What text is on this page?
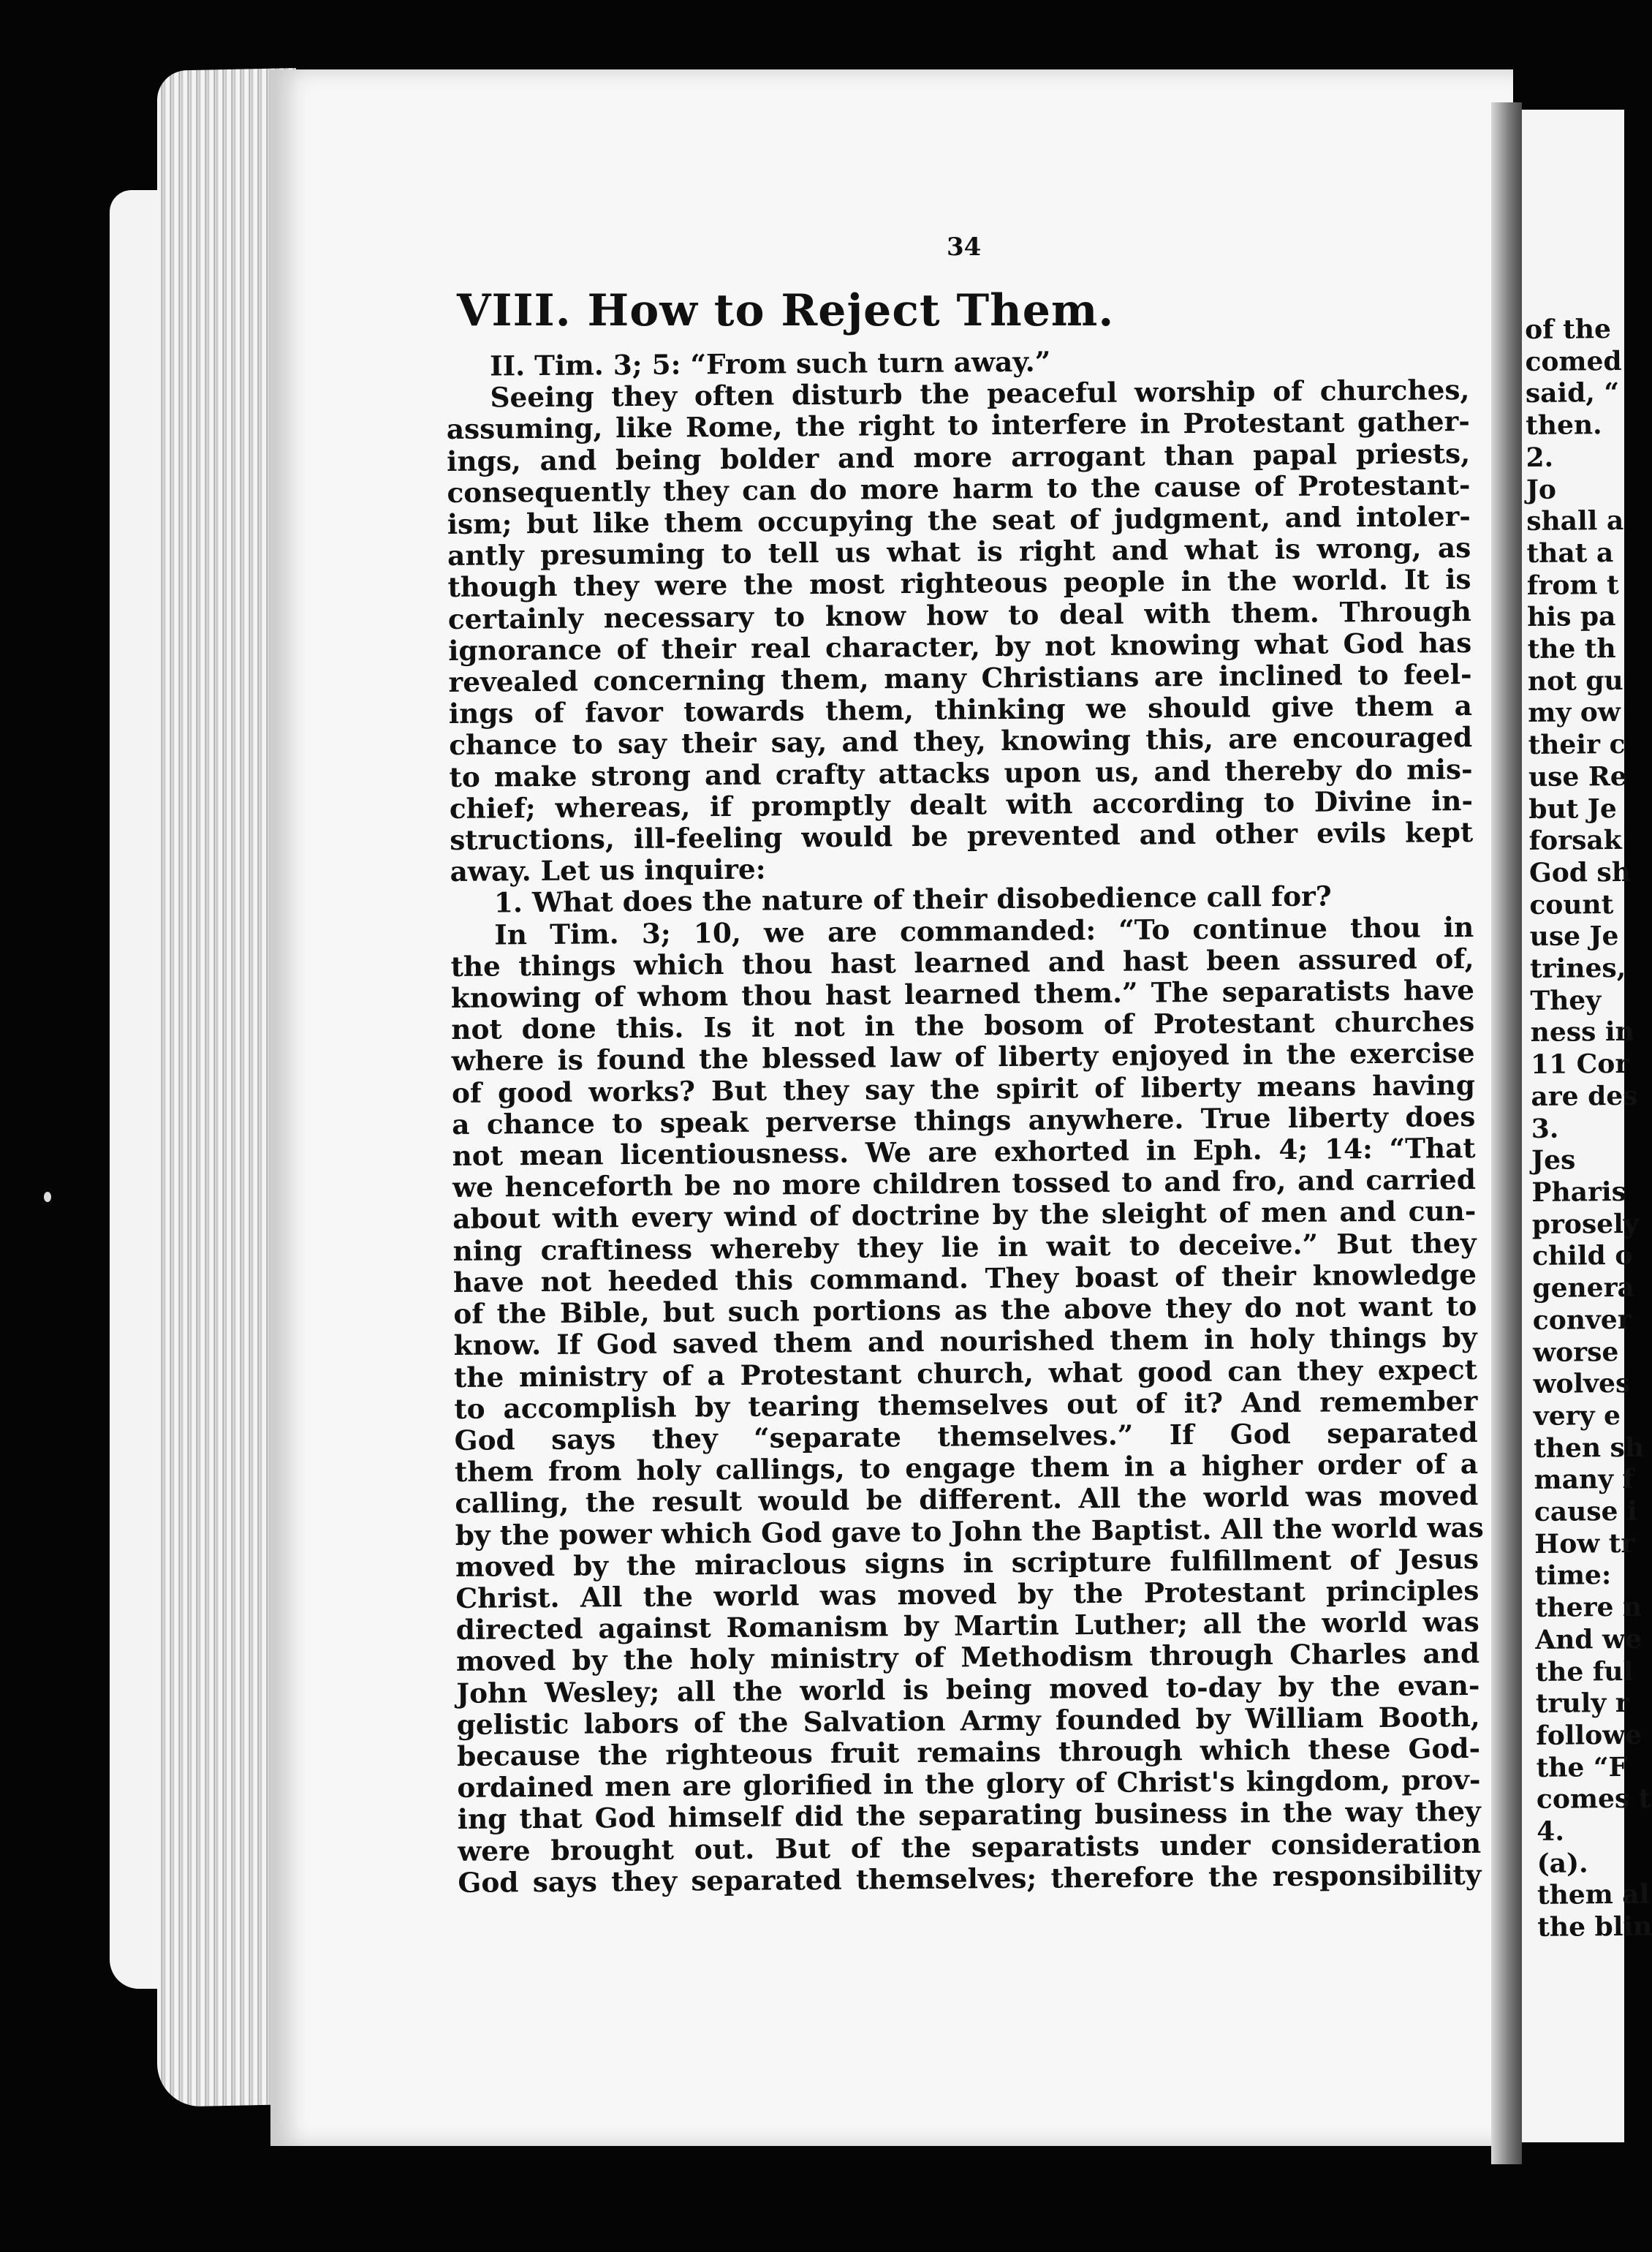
34

VIII. How to Reject Them.
II. Tim. 3; 5: “From such turn away.”
Seeing they often disturb the peaceful worship of churches,
assuming, like Rome, the right to interfere in Protestant gather-
ings, and being bolder and more arrogant than papal priests,
consequently they can do more harm to the cause of Protestant-
ism; but like them occupying the seat of judgment, and intoler-
antly presuming to tell us what is right and what is wrong, as
though they were the most righteous people in the world. It is
certainly necessary to know how to deal with them. Through
ignorance of their real character, by not knowing what God has
revealed concerning them, many Christians are inclined to feel-
ings of favor towards them, thinking we should give them a
chance to say their say, and they, knowing this, are encouraged
to make strong and crafty attacks upon us, and thereby do mis-
chief; whereas, if promptly dealt with according to Divine in-
structions, ill-feeling would be prevented and other evils kept
away. Let us inquire:
1. What does the nature of their disobedience call for?
In Tim. 3; 10, we are commanded: “To continue thou in
the things which thou hast learned and hast been assured of,
knowing of whom thou hast learned them.” The separatists have
not done this. Is it not in the bosom of Protestant churches
where is found the blessed law of liberty enjoyed in the exercise
of good works? But they say the spirit of liberty means having
a chance to speak perverse things anywhere. True liberty does
not mean licentiousness. We are exhorted in Eph. 4; 14: “That
we henceforth be no more children tossed to and fro, and carried
about with every wind of doctrine by the sleight of men and cun-
ning craftiness whereby they lie in wait to deceive.” But they
have not heeded this command. They boast of their knowledge
of the Bible, but such portions as the above they do not want to
know. If God saved them and nourished them in holy things by
the ministry of a Protestant church, what good can they expect
to accomplish by tearing themselves out of it? And remember
God says they “separate themselves.” If God separated
them from holy callings, to engage them in a higher order of a
calling, the result would be different. All the world was moved
by the power which God gave to John the Baptist. All the world was
moved by the miraclous signs in scripture fulfillment of Jesus
Christ. All the world was moved by the Protestant principles
directed against Romanism by Martin Luther; all the world was
moved by the holy ministry of Methodism through Charles and
John Wesley; all the world is being moved to-day by the evan-
gelistic labors of the Salvation Army founded by William Booth,
because the righteous fruit remains through which these God-
ordained men are glorified in the glory of Christ's kingdom, prov-
ing that God himself did the separating business in the way they
were brought out. But of the separatists under consideration
God says they separated themselves; therefore the responsibility
of the
comed
said, “
then.
2.
Jo
shall a
that a
from t
his pa
the th
not gu
my ow
their c
use Re
but Je
forsak
God sh
count
use Je
trines,
They
ness in
11 Cor
are des
3.
Jes
Pharis
prosely
child o
genera
conver
worse
wolves
very e
then sh
many f
cause i
How tr
time:
there n
And we
the ful
truly r
followe
the “F
comes t
4.
(a).
them al
the blin
